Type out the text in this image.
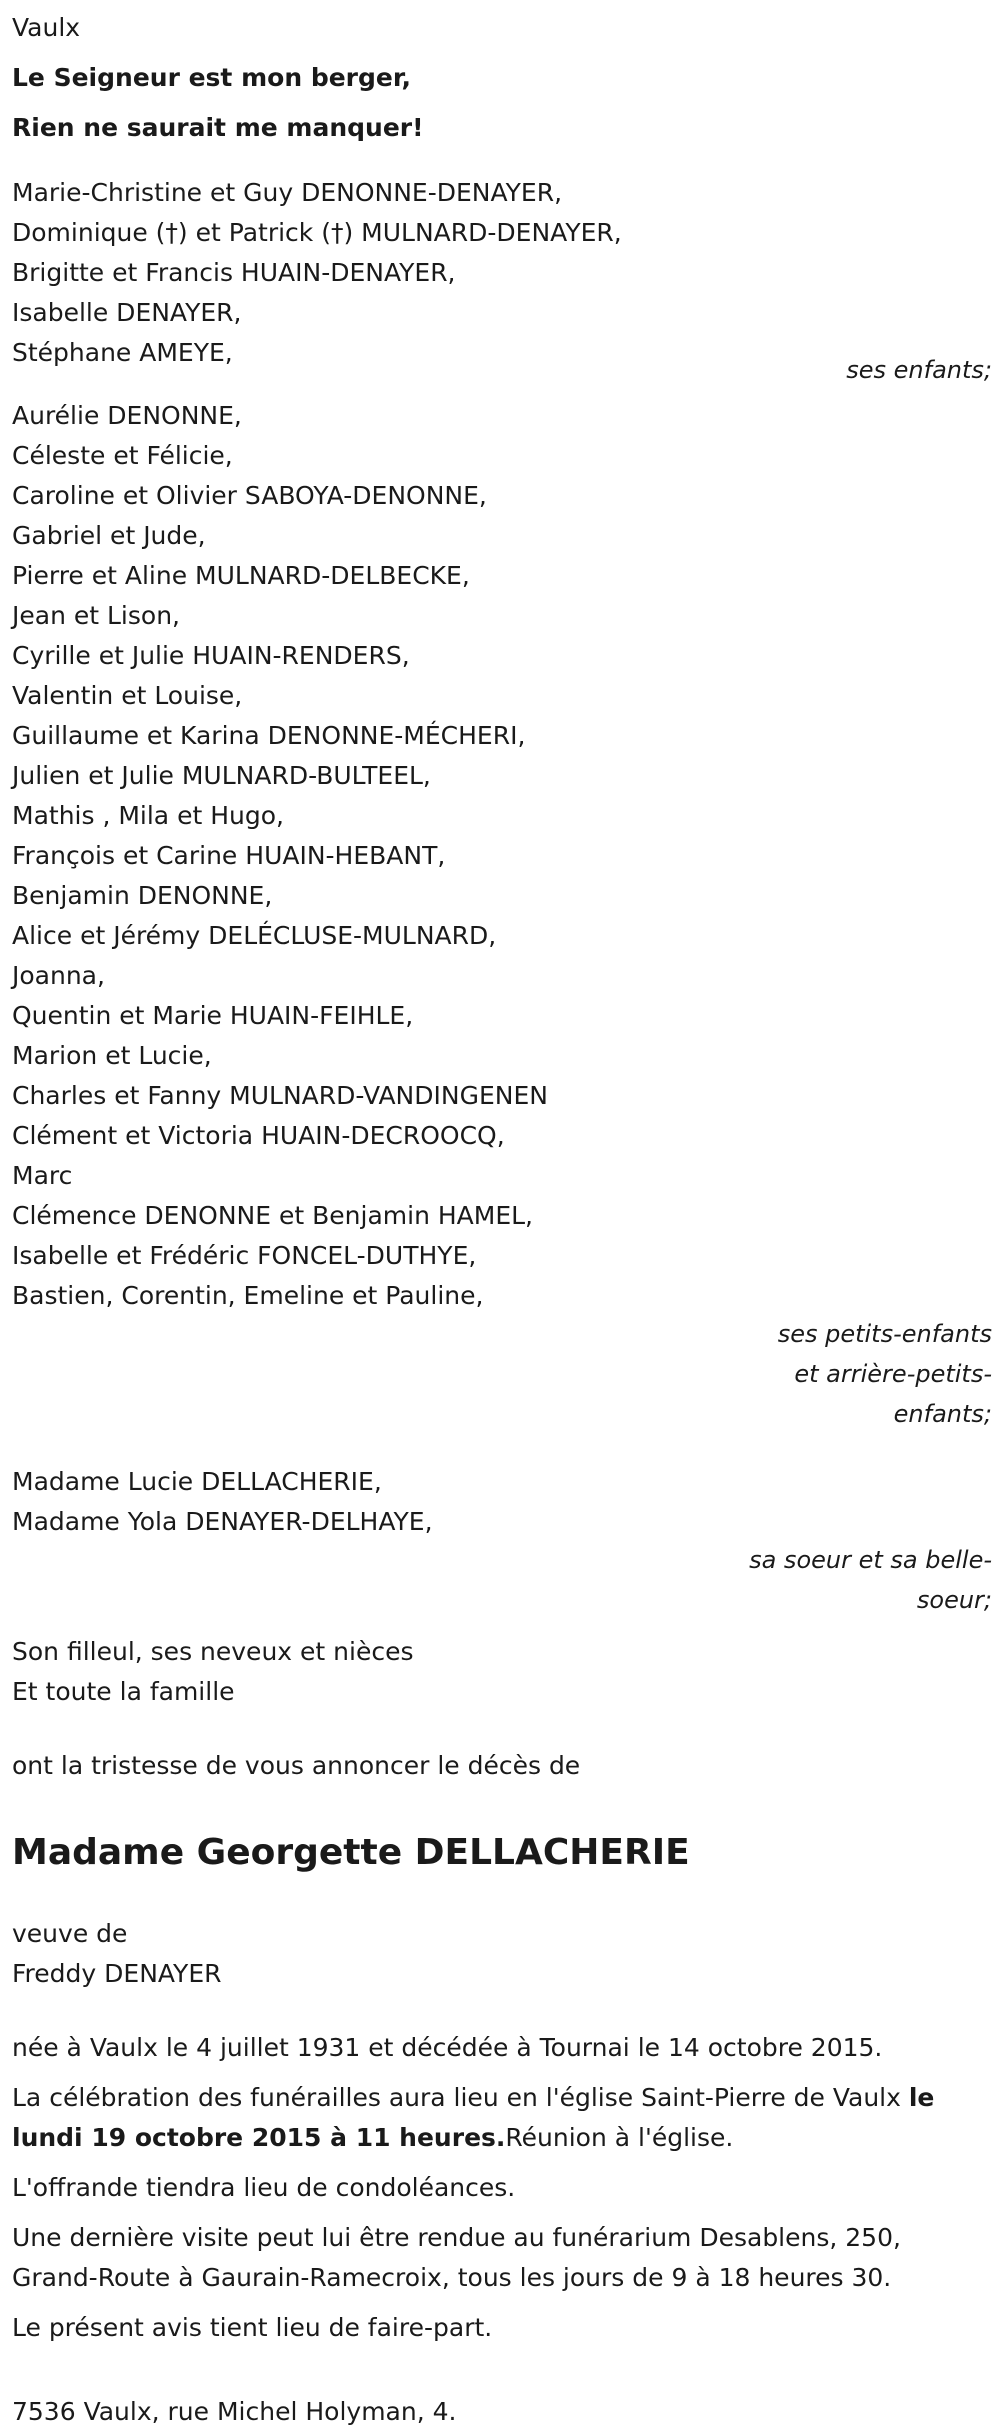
Vaulx
Le Seigneur est mon berger,
Rien ne saurait me manquer!
Marie-Christine et Guy DENONNE-DENAYER,
Dominique (†) et Patrick (†) MULNARD-DENAYER,
Brigitte et Francis HUAIN-DENAYER,
Isabelle DENAYER,
Stéphane AMEYE,
ses enfants;
Aurélie DENONNE,
Céleste et Félicie,
Caroline et Olivier SABOYA-DENONNE,
Gabriel et Jude,
Pierre et Aline MULNARD-DELBECKE,
Jean et Lison,
Cyrille et Julie HUAIN-RENDERS,
Valentin et Louise,
Guillaume et Karina DENONNE-MÉCHERI,
Julien et Julie MULNARD-BULTEEL,
Mathis , Mila et Hugo,
François et Carine HUAIN-HEBANT,
Benjamin DENONNE,
Alice et Jérémy DELÉCLUSE-MULNARD,
Joanna,
Quentin et Marie HUAIN-FEIHLE,
Marion et Lucie,
Charles et Fanny MULNARD-VANDINGENEN
Clément et Victoria HUAIN-DECROOCQ,
Marc
Clémence DENONNE et Benjamin HAMEL,
Isabelle et Frédéric FONCEL-DUTHYE,
Bastien, Corentin, Emeline et Pauline,
ses petits-enfants
et arrière-petits-
enfants;
Madame Lucie DELLACHERIE,
Madame Yola DENAYER-DELHAYE,
sa soeur et sa belle-
soeur;
Son filleul, ses neveux et nièces
Et toute la famille
ont la tristesse de vous annoncer le décès de
Madame Georgette DELLACHERIE
veuve de
Freddy DENAYER

née à Vaulx le 4 juillet 1931 et décédée à Tournai le 14 octobre 2015.

La célébration des funérailles aura lieu en l'église Saint-Pierre de Vaulx le lundi 19 octobre 2015 à 11 heures.Réunion à l'église.

L'offrande tiendra lieu de condoléances.

Une dernière visite peut lui être rendue au funérarium Desablens, 250, Grand-Route à Gaurain-Ramecroix, tous les jours de 9 à 18 heures 30.

Le présent avis tient lieu de faire-part.

7536 Vaulx, rue Michel Holyman, 4.
